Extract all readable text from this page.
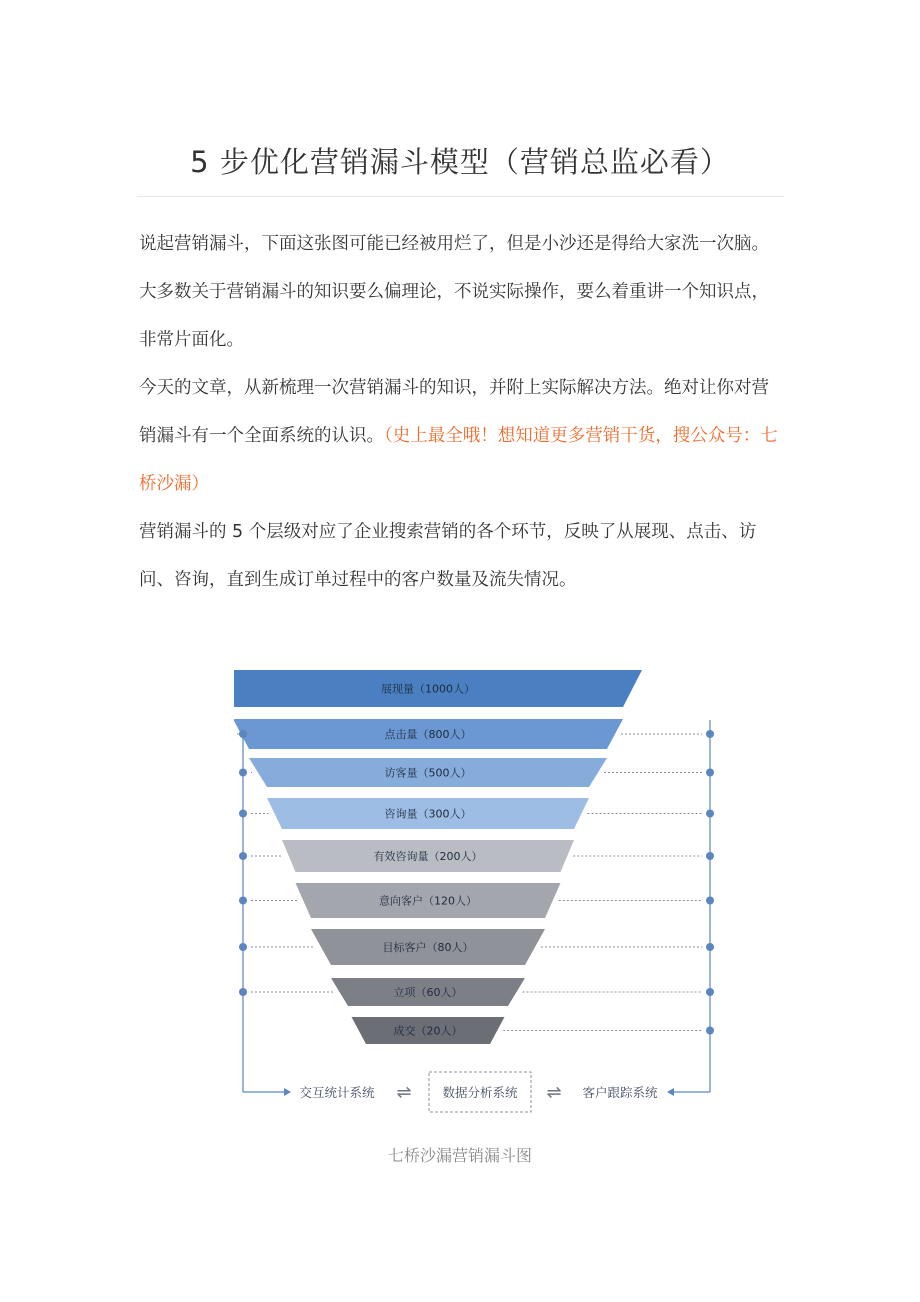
5 步优化营销漏斗模型（营销总监必看）
说起营销漏斗，下面这张图可能已经被用烂了，但是小沙还是得给大家洗一次脑。
大多数关于营销漏斗的知识要么偏理论，不说实际操作，要么着重讲一个知识点，非常片面化。
今天的文章，从新梳理一次营销漏斗的知识，并附上实际解决方法。绝对让你对营销漏斗有一个全面系统的认识。（史上最全哦！想知道更多营销干货，搜公众号：七桥沙漏）
营销漏斗的 5 个层级对应了企业搜索营销的各个环节，反映了从展现、点击、访问、咨询，直到生成订单过程中的客户数量及流失情况。
展现量（1000人）
点击量（800人）
访客量（500人）
咨询量（300人）
有效咨询量（200人）
意向客户（120人）
目标客户（80人）
立项（60人）
成交（20人）
交互统计系统	客户跟踪系统
数据分析系统
⇌	⇌
七桥沙漏营销漏斗图
